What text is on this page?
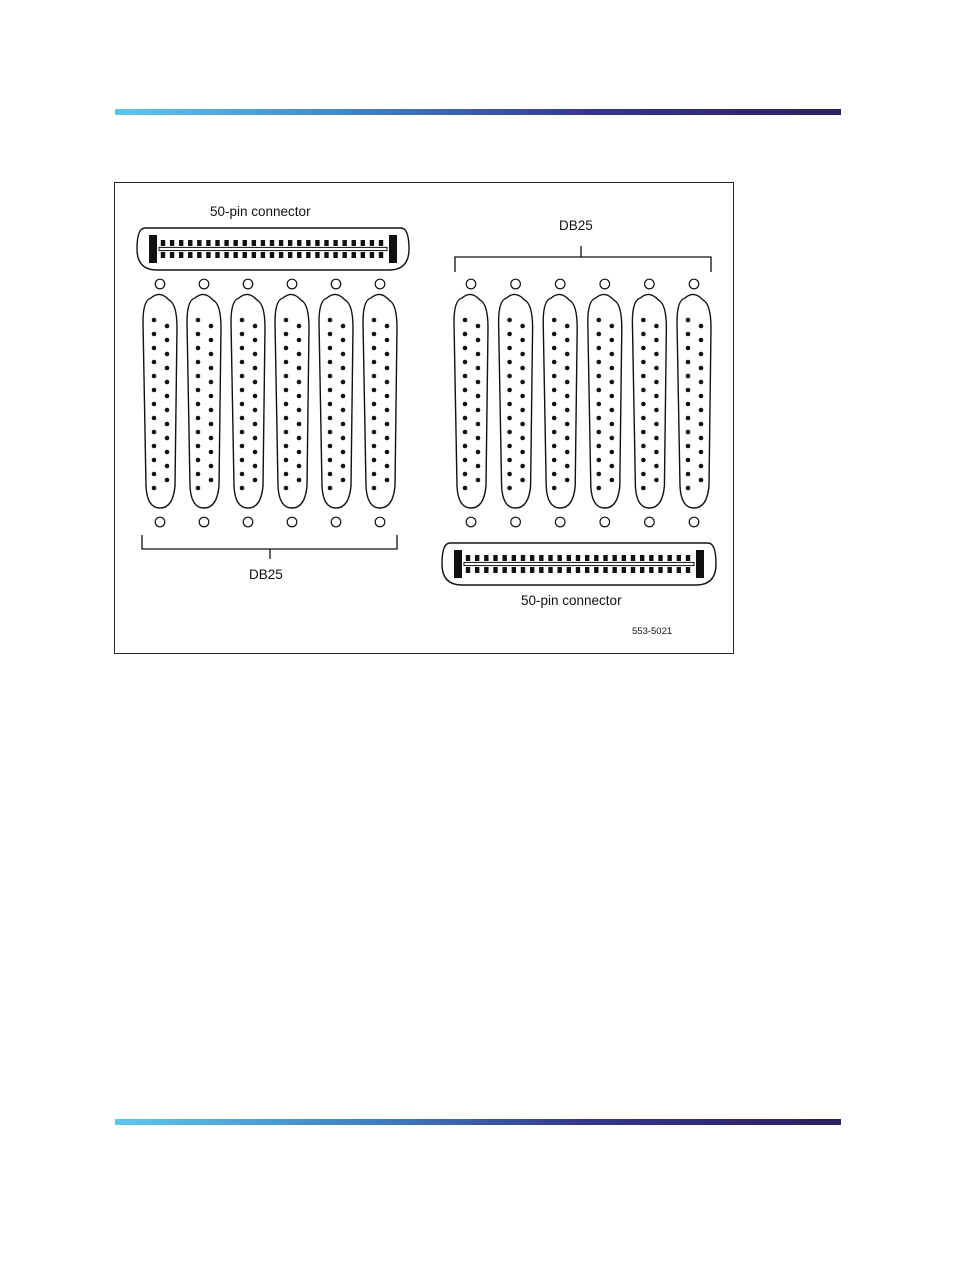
50-pin connector
DB25
DB25
50-pin connector
553-5021
